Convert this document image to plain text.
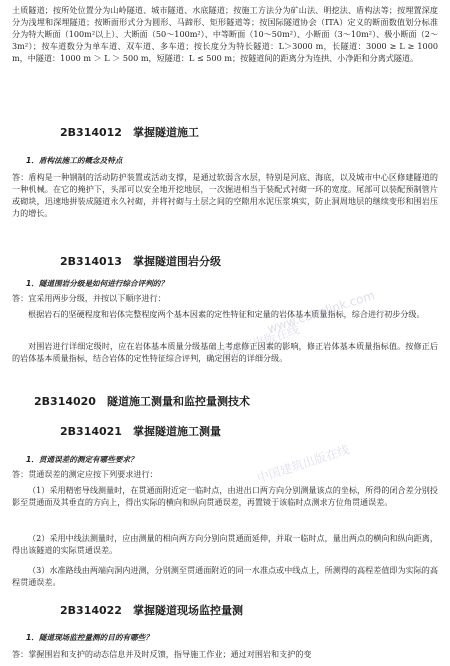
土质隧道；按所处位置分为山岭隧道、城市隧道、水底隧道；按施工方法分为矿山法、明挖法、盾构法等；按埋置深度分为浅埋和深埋隧道；按断面形式分为圆形、马蹄形、矩形隧道等；按国际隧道协会（ITA）定义的断面数值划分标准分为特大断面（100m²以上）、大断面（50～100m²）、中等断面（10～50m²）、小断面（3～10m²）、极小断面（2～3m²）；按车道数分为单车道、双车道、多车道；按长度分为特长隧道：L＞3000 m，长隧道：3000 ≥ L ≥ 1000 m，中隧道：1000 m ＞ L ＞ 500 m，短隧道：L ≤ 500 m；按隧道间的距离分为连拱、小净距和分离式隧道。

2B314012　掌握隧道施工
1．盾构法施工的概念及特点

答：盾构是一种钢制的活动防护装置或活动支撑，是通过软弱含水层，特别是河底、海底，以及城市中心区修建隧道的一种机械。在它的掩护下，头部可以安全地开挖地层，一次掘进相当于装配式衬砌一环的宽度。尾部可以装配预制管片或砌块，迅速地拼装成隧道永久衬砌，并将衬砌与土层之间的空隙用水泥压浆填实，防止洞周地层的继续变形和围岩压力的增长。

2B314013　掌握隧道围岩分级
1．隧道围岩分级是如何进行综合评判的？

答：宜采用两步分级，并按以下顺序进行：

根据岩石的坚硬程度和岩体完整程度两个基本因素的定性特征和定量的岩体基本质量指标，综合进行初步分级。

对围岩进行详细定级时，应在岩体基本质量分级基础上考虑修正因素的影响，修正岩体基本质量指标值。按修正后的岩体基本质量指标，结合岩体的定性特征综合评判，确定围岩的详细分级。

2B314020　隧道施工测量和监控量测技术
2B314021　掌握隧道施工测量
1．贯通误差的测定有哪些要求？

答：贯通误差的测定应按下列要求进行：

（1）采用精密导线测量时，在贯通面附近定一临时点，由进出口两方向分别测量该点的坐标，所得的闭合差分别投影至贯通面及其垂直的方向上，得出实际的横向和纵向贯通误差，再置镜于该临时点测求方位角贯通误差。

（2）采用中线法测量时，应由测量的相向两方向分别向贯通面延伸，并取一临时点，量出两点的横向和纵向距离，得出该隧道的实际贯通误差。

（3）水准路线由两端向洞内进测，分别测至贯通面附近的同一水准点或中线点上，所测得的高程差值即为实际的高程贯通误差。

2B314022　掌握隧道现场监控量测
1．隧道现场监控量测的目的有哪些？

答：掌握围岩和支护的动态信息并及时反馈，指导施工作业；通过对围岩和支护的变

中国建筑出版在线
www.cabplink.com
中国建筑出版在线
